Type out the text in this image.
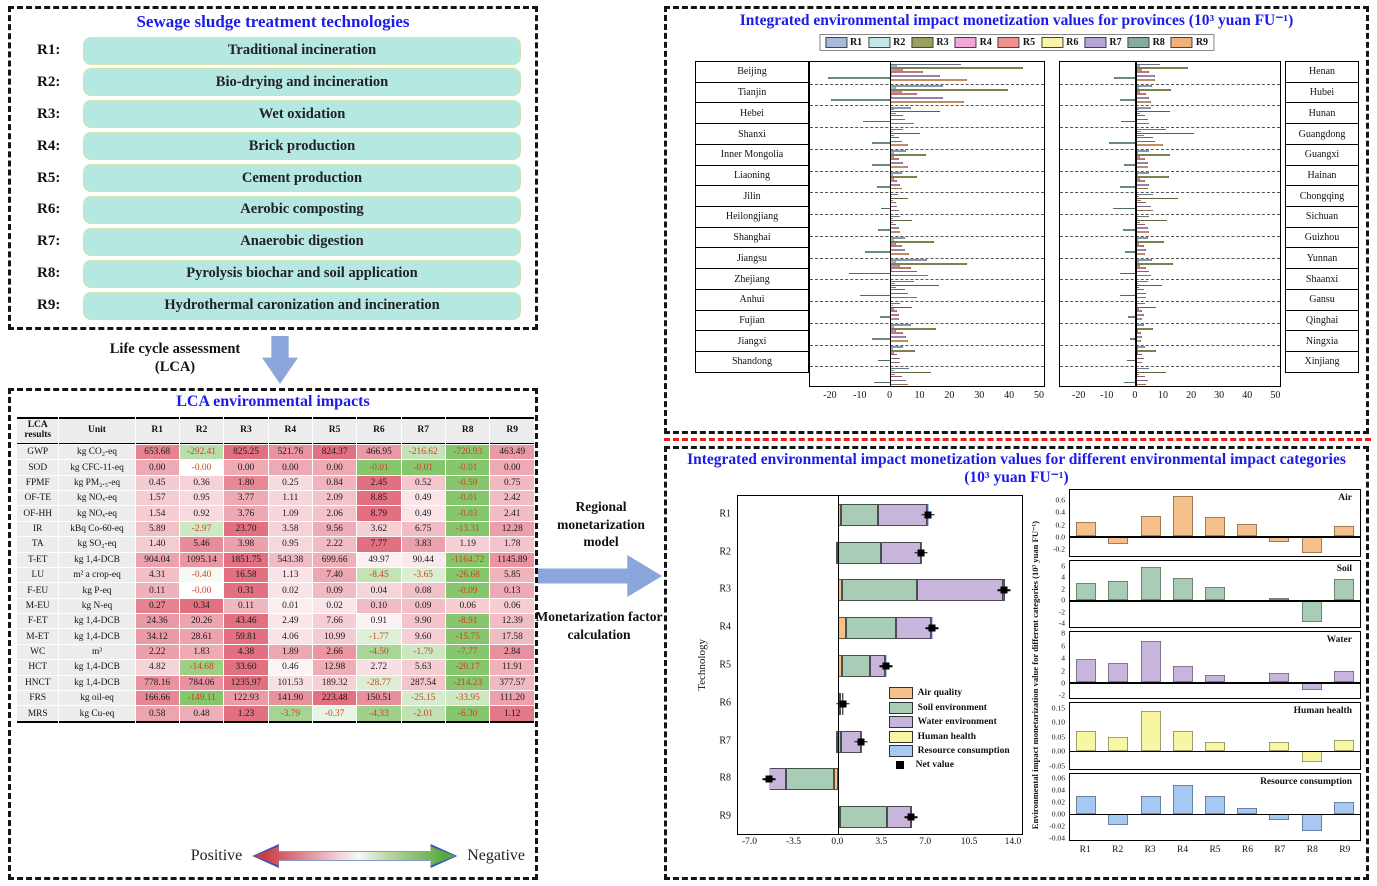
Sewage sludge treatment technologies
R1:	Traditional incineration
R2:	Bio-drying and incineration
R3:	Wet oxidation
R4:	Brick production
R5:	Cement production
R6:	Aerobic composting
R7:	Anaerobic digestion
R8:	Pyrolysis biochar and soil application
R9:	Hydrothermal caronization and incineration
Life cycle assessment
(LCA)
LCA environmental impacts
LCA results	Unit	R1	R2	R3	R4	R5	R6	R7	R8	R9
GWP	kg CO₂-eq	653.68	-292.41	825.25	521.76	824.37	466.95	-216.62	-720.93	463.49
SOD	kg CFC-11-eq	0.00	-0.00	0.00	0.00	0.00	-0.01	-0.01	-0.01	0.00
FPMF	kg PM₂.₅-eq	0.45	0.36	1.80	0.25	0.84	2.45	0.52	-0.59	0.75
OF-TE	kg NOₓ-eq	1.57	0.95	3.77	1.11	2.09	8.85	0.49	-0.01	2.42
OF-HH	kg NOₓ-eq	1.54	0.92	3.76	1.09	2.06	8.79	0.49	-0.03	2.41
IR	kBq Co-60-eq	5.89	-2.97	23.70	3.58	9.56	3.62	6.75	-13.31	12.28
TA	kg SO₂-eq	1.40	5.46	3.98	0.95	2.22	7.77	3.83	1.19	1.78
T-ET	kg 1,4-DCB	904.04	1095.14	1851.75	543.38	699.66	49.97	90.44	-1164.72	1145.89
LU	m² a crop-eq	4.31	-0.40	16.58	1.13	7.40	-8.45	-3.65	-26.68	5.85
F-EU	kg P-eq	0.11	-0.00	0.31	0.02	0.09	0.04	0.08	-0.09	0.13
M-EU	kg N-eq	0.27	0.34	0.11	0.01	0.02	0.10	0.09	0.06	0.06
F-ET	kg 1,4-DCB	24.36	20.26	43.46	2.49	7.66	0.91	9.90	-8.91	12.39
M-ET	kg 1,4-DCB	34.12	28.61	59.81	4.06	10.99	-1.77	9.60	-15.75	17.58
WC	m³	2.22	1.83	4.38	1.89	2.66	-4.50	-1.79	-7.77	2.84
HCT	kg 1,4-DCB	4.82	-14.68	33.60	0.46	12.98	2.72	5.63	-20.17	11.91
HNCT	kg 1,4-DCB	778.16	784.06	1235.97	101.53	189.32	-28.77	287.54	-214.23	377.57
FRS	kg oil-eq	166.66	-149.11	122.93	141.90	223.48	150.51	-25.15	-33.95	111.20
MRS	kg Cu-eq	0.58	0.48	1.23	-3.79	-0.37	-4.33	-2.01	-6.30	1.12
Positive	Negative
Regional monetarization model
Monetarization factor calculation
Integrated environmental impact monetization values for provinces (10³ yuan FU⁻¹)
R1	R2	R3	R4	R5	R6	R7	R8	R9
Beijing
Tianjin
Hebei
Shanxi
Inner Mongolia
Liaoning
Jilin
Heilongjiang
Shanghai
Jiangsu
Zhejiang
Anhui
Fujian
Jiangxi
Shandong
-20 -10 0 10 20 30 40 50
Henan
Hubei
Hunan
Guangdong
Guangxi
Hainan
Chongqing
Sichuan
Guizhou
Yunnan
Shaanxi
Gansu
Qinghai
Ningxia
Xinjiang
-20 -10 0 10 20 30 40 50
Integrated environmental impact monetization values for different environmental impact categories (10³ yuan FU⁻¹)
Technology
R1
R2
R3
R4
R5
R6
R7
R8
R9
Air quality
Soil environment
Water environment
Human health
Resource consumption
Net value
-7.0	-3.5	0.0	3.5	7.0	10.5	14.0
Environmental impact monetarization value for different categories (10³ yuan FU⁻¹)
Air
0.6
0.4
0.2
0.0
-0.2
Soil
6
4
2
0
-2
-4
Water
8
6
4
2
0
-2
Human health
0.15
0.10
0.05
0.00
-0.05
Resource consumption
0.06
0.04
0.02
0.00
-0.02
-0.04
R1 R2 R3 R4 R5 R6 R7 R8 R9
